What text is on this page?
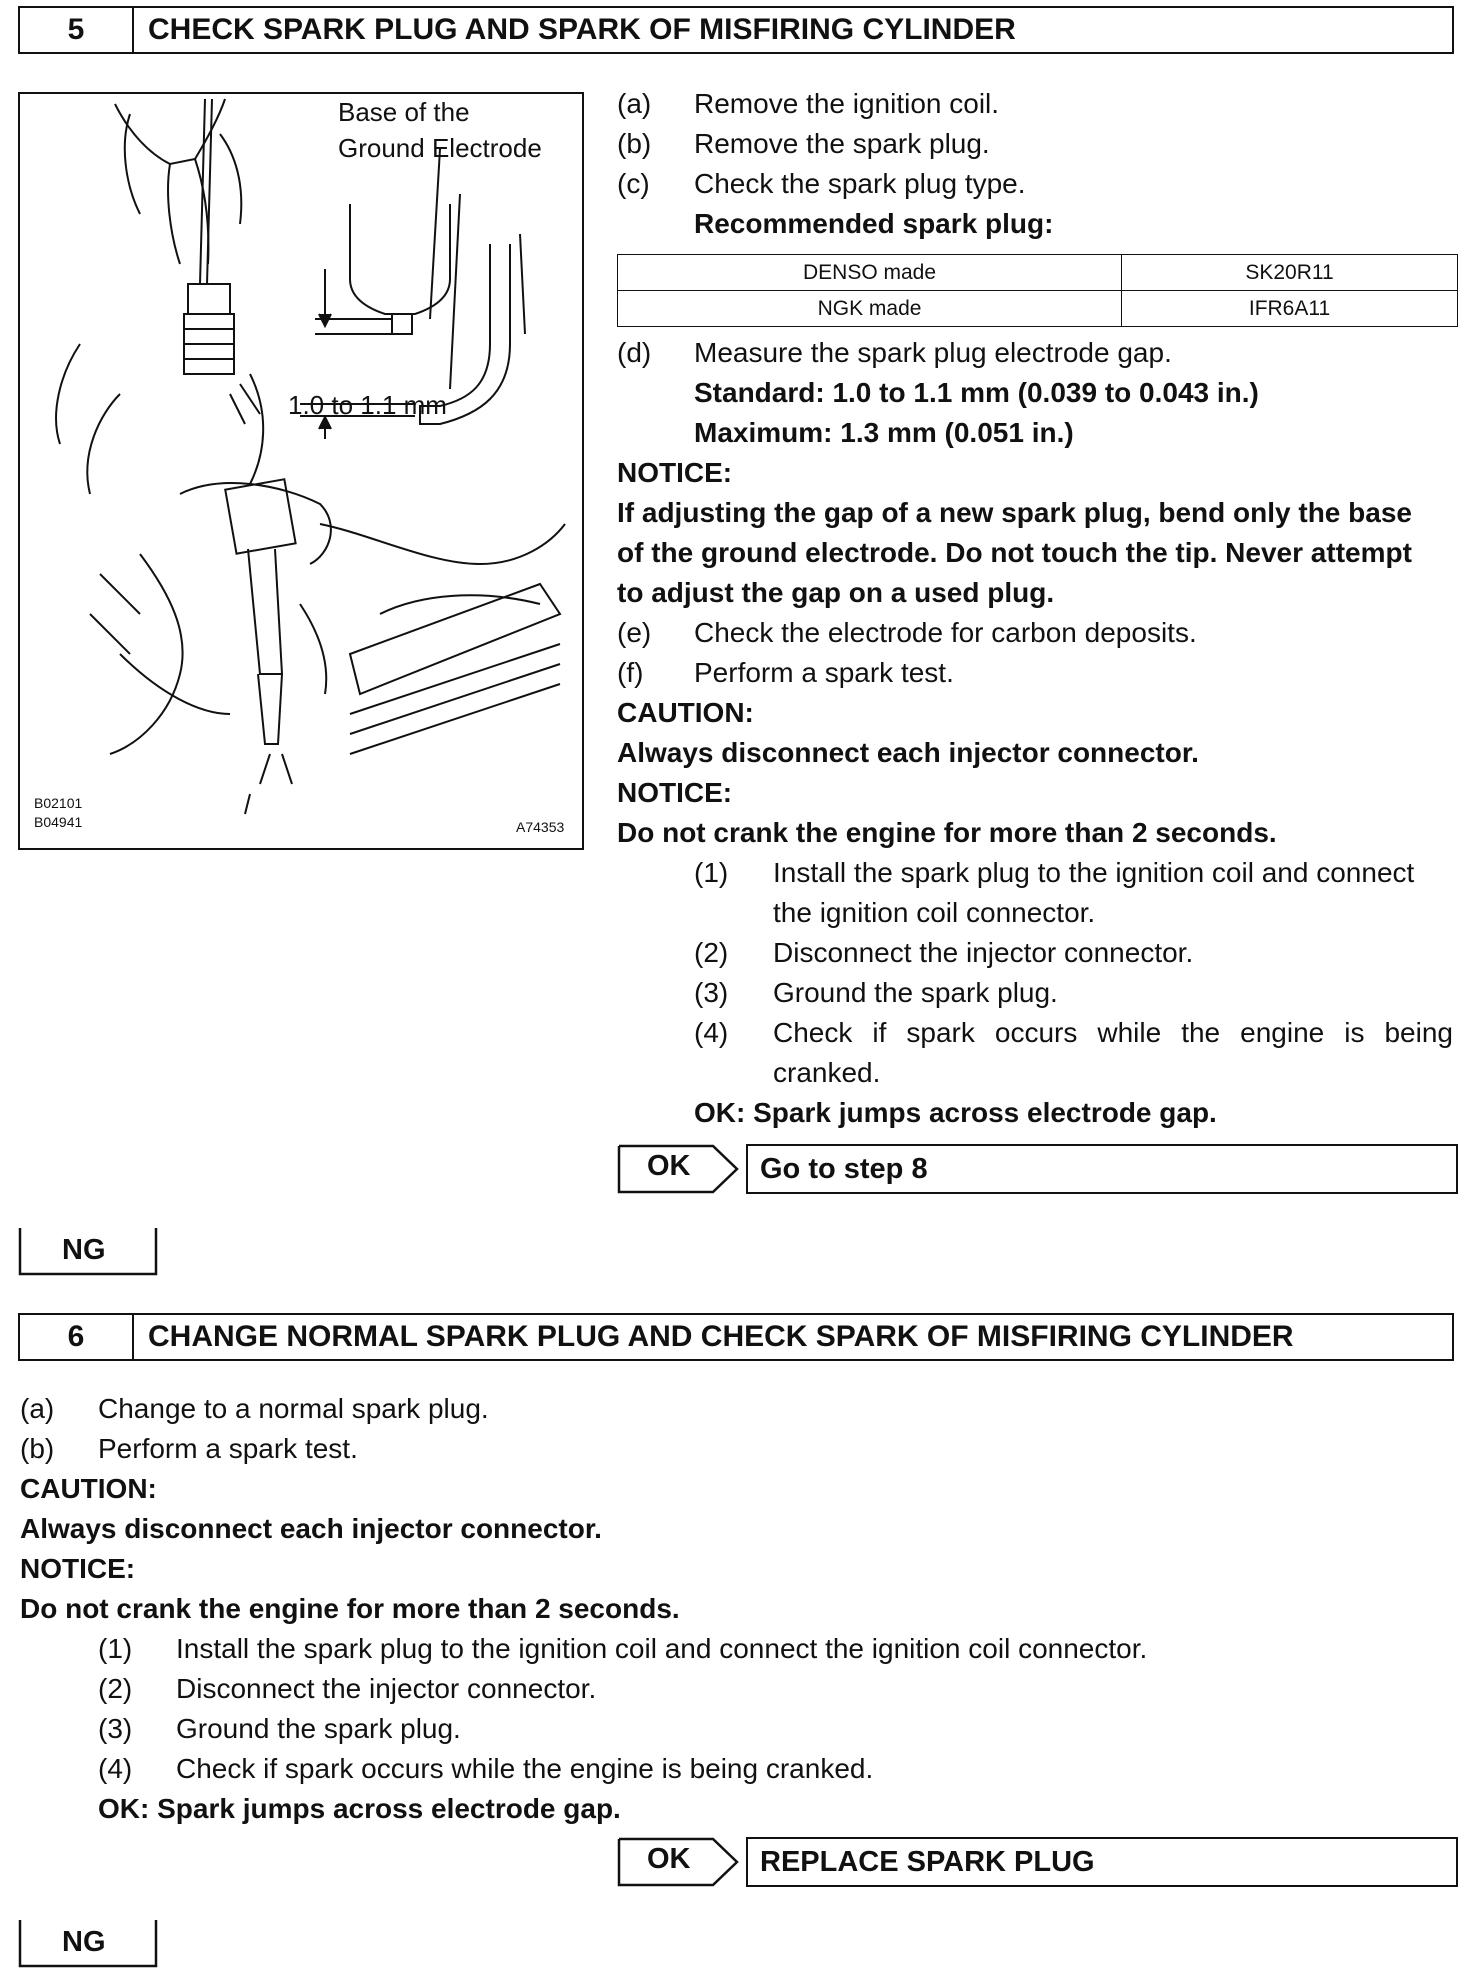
5	CHECK SPARK PLUG AND SPARK OF MISFIRING CYLINDER
Base of the
Ground Electrode
1.0 to 1.1 mm
B02101
B04941	A74353
(a) Remove the ignition coil.
(b) Remove the spark plug.
(c) Check the spark plug type.
Recommended spark plug:
DENSO made	SK20R11
NGK made	IFR6A11
(d) Measure the spark plug electrode gap.
Standard: 1.0 to 1.1 mm (0.039 to 0.043 in.)
Maximum: 1.3 mm (0.051 in.)
NOTICE:
If adjusting the gap of a new spark plug, bend only the base
of the ground electrode. Do not touch the tip. Never attempt
to adjust the gap on a used plug.
(e) Check the electrode for carbon deposits.
(f) Perform a spark test.
CAUTION:
Always disconnect each injector connector.
NOTICE:
Do not crank the engine for more than 2 seconds.
(1) Install the spark plug to the ignition coil and connect
the ignition coil connector.
(2) Disconnect the injector connector.
(3) Ground the spark plug.
(4) Check if spark occurs while the engine is being
cranked.
OK: Spark jumps across electrode gap.
OK	Go to step 8
NG
6	CHANGE NORMAL SPARK PLUG AND CHECK SPARK OF MISFIRING CYLINDER
(a) Change to a normal spark plug.
(b) Perform a spark test.
CAUTION:
Always disconnect each injector connector.
NOTICE:
Do not crank the engine for more than 2 seconds.
(1) Install the spark plug to the ignition coil and connect the ignition coil connector.
(2) Disconnect the injector connector.
(3) Ground the spark plug.
(4) Check if spark occurs while the engine is being cranked.
OK: Spark jumps across electrode gap.
OK	REPLACE SPARK PLUG
NG
